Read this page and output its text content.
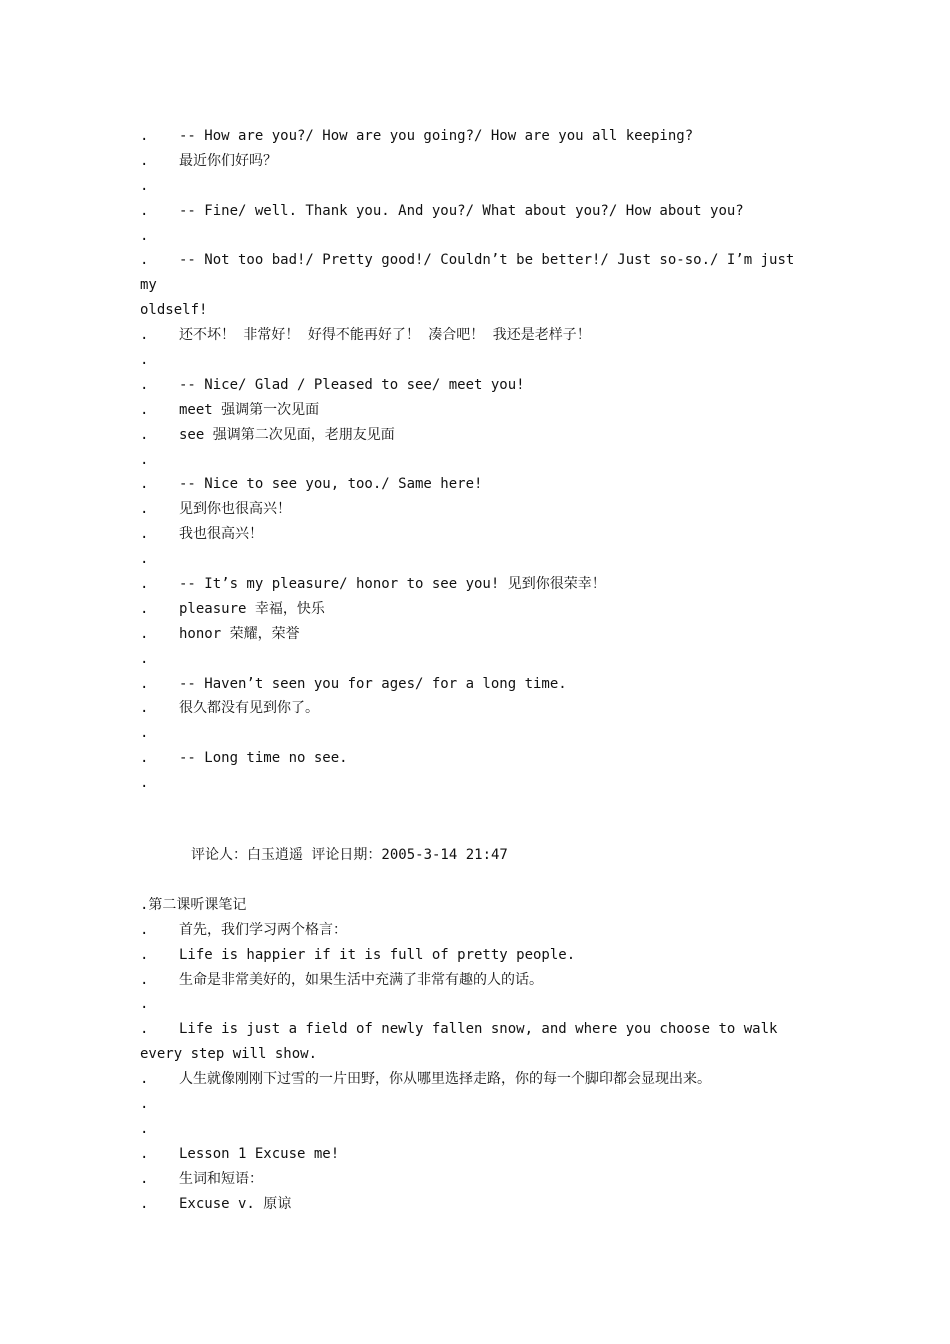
. -- How are you?/ How are you going?/ How are you all keeping?
. 最近你们好吗？
.
. -- Fine/ well. Thank you. And you?/ What about you?/ How about you?
.
. -- Not too bad!/ Pretty good!/ Couldn’t be better!/ Just so-so./ I’m just
my
oldself!
. 还不坏！ 非常好！ 好得不能再好了！ 凑合吧！ 我还是老样子！
.
. -- Nice/ Glad / Pleased to see/ meet you!
. meet 强调第一次见面
. see 强调第二次见面，老朋友见面
.
. -- Nice to see you, too./ Same here!
. 见到你也很高兴！
. 我也很高兴！
.
. -- It’s my pleasure/ honor to see you! 见到你很荣幸！
. pleasure 幸福，快乐
. honor 荣耀，荣誉
.
. -- Haven’t seen you for ages/ for a long time.
. 很久都没有见到你了。
.
. -- Long time no see.
.
评论人：白玉逍遥 评论日期：2005-3-14 21:47
.第二课听课笔记
. 首先，我们学习两个格言：
. Life is happier if it is full of pretty people.
. 生命是非常美好的，如果生活中充满了非常有趣的人的话。
.
. Life is just a field of newly fallen snow, and where you choose to walk
every step will show.
. 人生就像刚刚下过雪的一片田野，你从哪里选择走路，你的每一个脚印都会显现出来。
.
.
. Lesson 1 Excuse me!
. 生词和短语：
. Excuse v. 原谅
